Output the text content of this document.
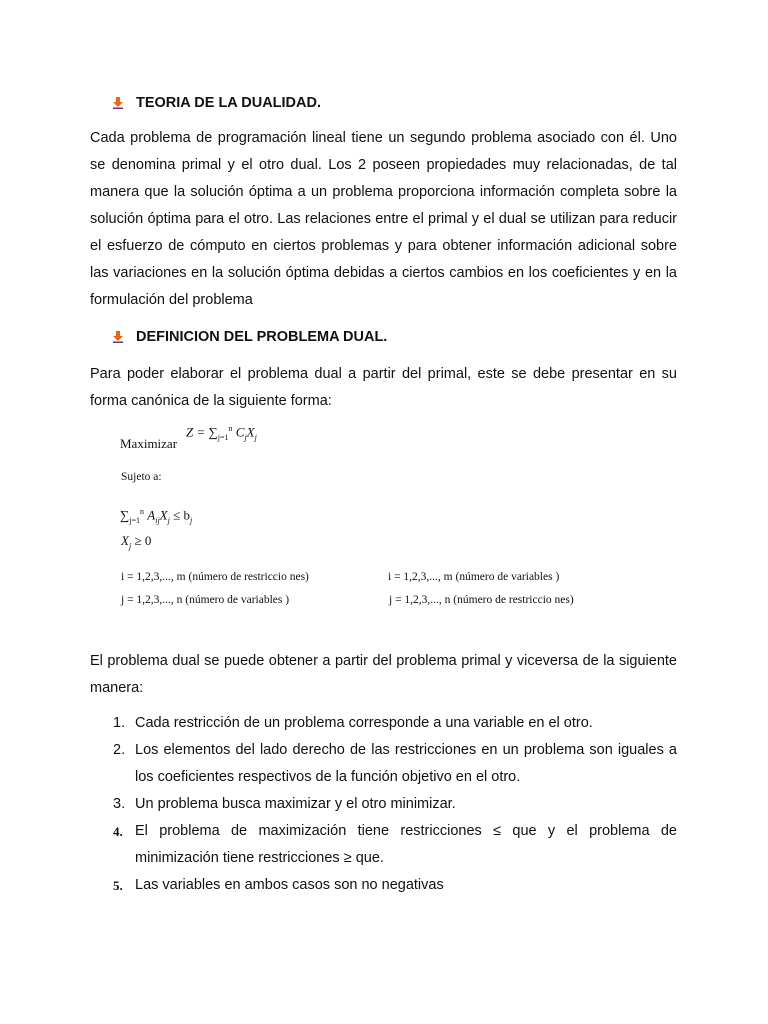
TEORIA DE LA DUALIDAD.
Cada problema de programación lineal tiene un segundo problema asociado con él. Uno se denomina primal y el otro dual. Los 2 poseen propiedades muy relacionadas, de tal manera que la solución óptima a un problema proporciona información completa sobre la solución óptima para el otro. Las relaciones entre el primal y el dual se utilizan para reducir el esfuerzo de cómputo en ciertos problemas y para obtener información adicional sobre las variaciones en la solución óptima debidas a ciertos cambios en los coeficientes y en la formulación del problema
DEFINICION DEL PROBLEMA DUAL.
Para poder elaborar el problema dual a partir del primal, este se debe presentar en su forma canónica de la siguiente forma:
Maximizar
$Z = \sum_{j=1}^n$ $C_jX_j$
Sujeto a:
$\sum_{j=1}^n$ $A_{ij}X_j \le b_j$
$X_j \ge 0$
i = 1,2,3,..., m (número de restriccio nes)
j = 1,2,3,..., n (número de variables )
i = 1,2,3,..., m (número de variables )
j = 1,2,3,..., n (número de restriccio nes)
El problema dual se puede obtener a partir del problema primal y viceversa de la siguiente manera:
1. Cada restricción de un problema corresponde a una variable en el otro.
2. Los elementos del lado derecho de las restricciones en un problema son iguales a los coeficientes respectivos de la función objetivo en el otro.
3. Un problema busca maximizar y el otro minimizar.
4. El problema de maximización tiene restricciones ≤ que y el problema de minimización tiene restricciones ≥ que.
5. Las variables en ambos casos son no negativas
